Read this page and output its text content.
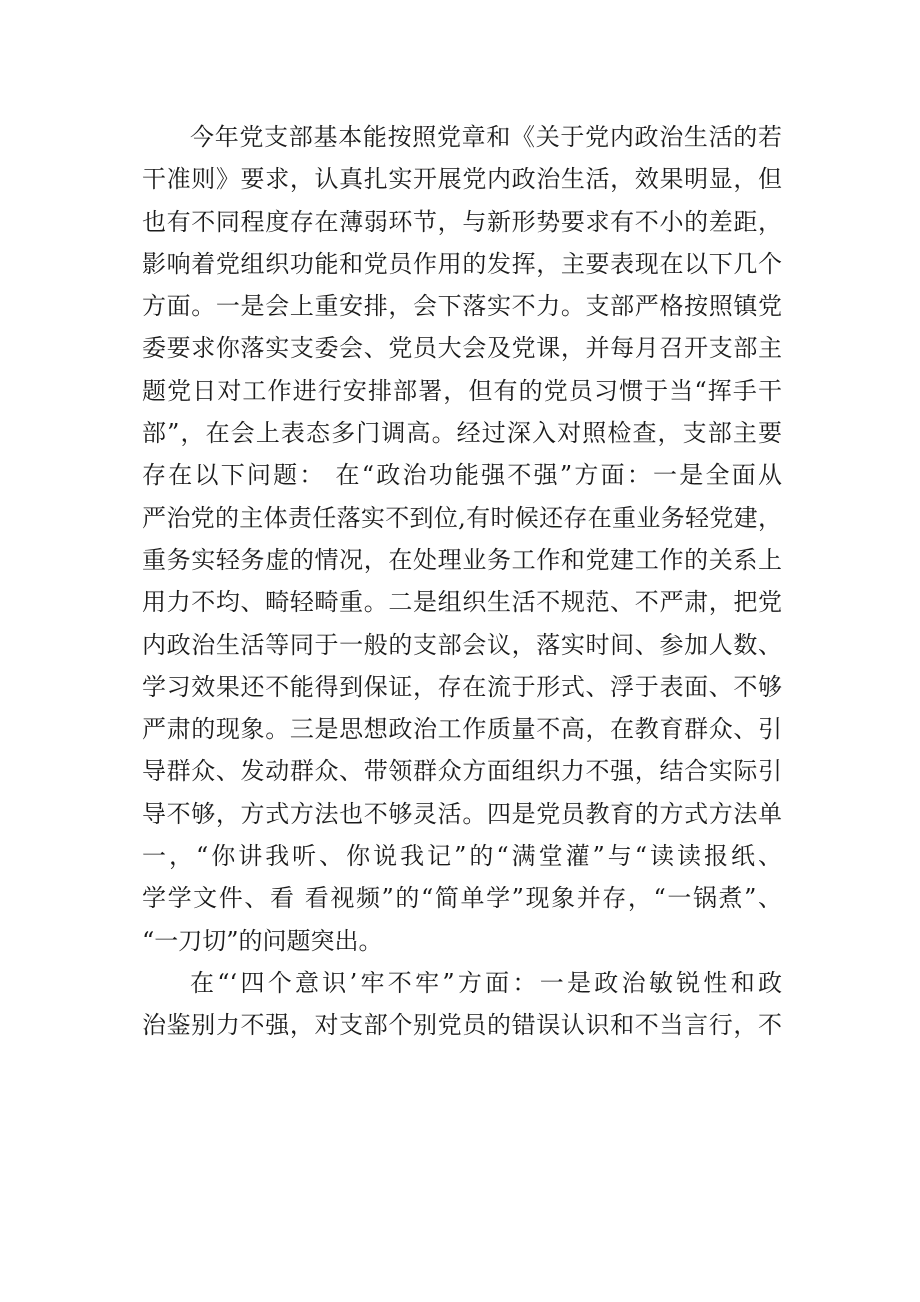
今年党支部基本能按照党章和《关于党内政治生活的若
干准则》要求，认真扎实开展党内政治生活，效果明显，但
也有不同程度存在薄弱环节，与新形势要求有不小的差距，
影响着党组织功能和党员作用的发挥，主要表现在以下几个
方面。一是会上重安排，会下落实不力。支部严格按照镇党
委要求你落实支委会、党员大会及党课，并每月召开支部主
题党日对工作进行安排部署，但有的党员习惯于当“挥手干
部”，在会上表态多门调高。经过深入对照检查，支部主要
存在以下问题： 在“政治功能强不强”方面：一是全面从
严治党的主体责任落实不到位,有时候还存在重业务轻党建，
重务实轻务虚的情况，在处理业务工作和党建工作的关系上
用力不均、畸轻畸重。二是组织生活不规范、不严肃，把党
内政治生活等同于一般的支部会议，落实时间、参加人数、
学习效果还不能得到保证，存在流于形式、浮于表面、不够
严肃的现象。三是思想政治工作质量不高，在教育群众、引
导群众、发动群众、带领群众方面组织力不强，结合实际引
导不够，方式方法也不够灵活。四是党员教育的方式方法单
一，“你讲我听、你说我记”的“满堂灌”与“读读报纸、
学学文件、看 看视频”的“简单学”现象并存，“一锅煮”、
“一刀切”的问题突出。

在“‘四个意识’牢不牢”方面：一是政治敏锐性和政
治鉴别力不强，对支部个别党员的错误认识和不当言行，不
